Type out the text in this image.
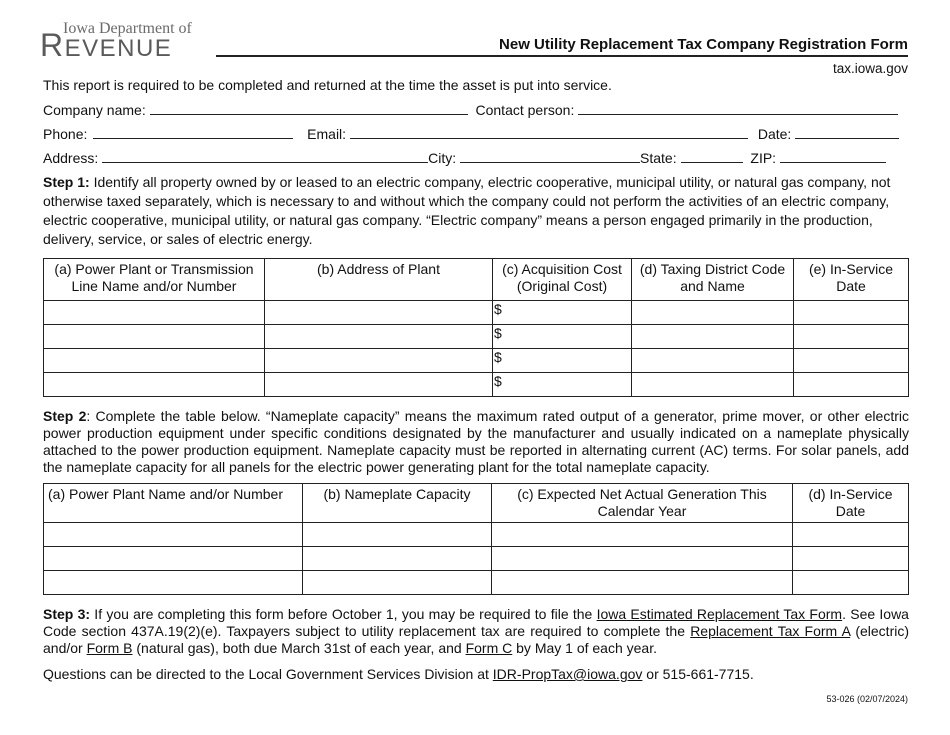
Iowa Department of
REVENUE	New Utility Replacement Tax Company Registration Form
tax.iowa.gov
This report is required to be completed and returned at the time the asset is put into service.
Company name:	Contact person:
Phone:	Email:	Date:
Address:	City:	State:	ZIP:
Step 1: Identify all property owned by or leased to an electric company, electric cooperative, municipal utility, or natural gas company, not otherwise taxed separately, which is necessary to and without which the company could not perform the activities of an electric company, electric cooperative, municipal utility, or natural gas company. “Electric company” means a person engaged primarily in the production, delivery, service, or sales of electric energy.
(a) Power Plant or Transmission Line Name and/or Number	(b) Address of Plant	(c) Acquisition Cost (Original Cost)	(d) Taxing District Code and Name	(e) In-Service Date
		$		
		$		
		$		
		$		
Step 2: Complete the table below. “Nameplate capacity” means the maximum rated output of a generator, prime mover, or other electric power production equipment under specific conditions designated by the manufacturer and usually indicated on a nameplate physically attached to the power production equipment. Nameplate capacity must be reported in alternating current (AC) terms. For solar panels, add the nameplate capacity for all panels for the electric power generating plant for the total nameplate capacity.
(a) Power Plant Name and/or Number	(b) Nameplate Capacity	(c) Expected Net Actual Generation This Calendar Year	(d) In-Service Date

Step 3: If you are completing this form before October 1, you may be required to file the Iowa Estimated Replacement Tax Form. See Iowa Code section 437A.19(2)(e). Taxpayers subject to utility replacement tax are required to complete the Replacement Tax Form A (electric) and/or Form B (natural gas), both due March 31st of each year, and Form C by May 1 of each year.
Questions can be directed to the Local Government Services Division at IDR-PropTax@iowa.gov or 515-661-7715.
53-026 (02/07/2024)
